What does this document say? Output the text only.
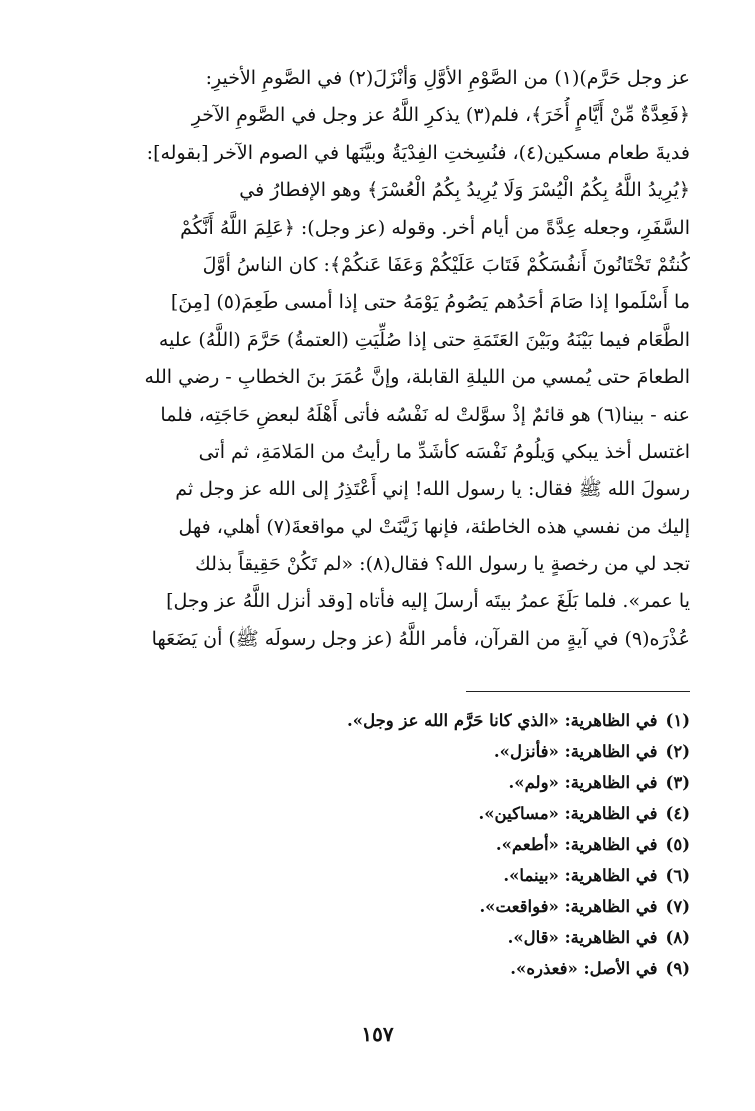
عز وجل حَرَّم)(١) من الصَّوْمِ الأوَّلِ وَأنْزَلَ(٢) في الصَّومِ الأخيرِ:
﴿فَعِدَّةٌ مِّنْ أَيَّامٍ أُخَرَ﴾، فلم(٣) يذكرِ اللَّهُ عز وجل في الصَّومِ الآخرِ
فديةَ طعام مسكين(٤)، فنُسِختِ الفِدْيَةُ وبيَّنَها في الصوم الآخر [بقوله]:
﴿يُرِيدُ اللَّهُ بِكُمُ الْيُسْرَ وَلَا يُرِيدُ بِكُمُ الْعُسْرَ﴾ وهو الإفطارُ في
السَّفَرِ، وجعله عِدَّةً من أيام أخر. وقوله (عز وجل): ﴿عَلِمَ اللَّهُ أَنَّكُمْ
كُنتُمْ تَخْتَانُونَ أَنفُسَكُمْ فَتَابَ عَلَيْكُمْ وَعَفَا عَنكُمْ﴾: كان الناسُ أوَّلَ
ما أَسْلَموا إذا صَامَ أحَدُهم يَصُومُ يَوْمَهُ حتى إذا أمسى طَعِمَ(٥) [مِنَ]
الطَّعَام فيما بَيْنَهُ وبَيْنَ العَتَمَةِ حتى إذا صُلِّيَتِ (العتمةُ) حَرَّمَ (اللَّهُ) عليه
الطعامَ حتى يُمسي من الليلةِ القابلة، وإنَّ عُمَرَ بنَ الخطابِ - رضي الله
عنه - بينا(٦) هو قائمٌ إذْ سوَّلتْ له نَفْسُه فأتى أَهْلَهُ لبعضِ حَاجَتِه، فلما
اغتسل أخذ يبكي وَيلُومُ نَفْسَه كأشَدِّ ما رأيتُ من المَلامَةِ، ثم أتى
رسولَ الله ﷺ فقال: يا رسول الله! إني أَعْتَذِرُ إلى الله عز وجل ثم
إليك من نفسي هذه الخاطئة، فإنها زَيَّنَتْ لي مواقعةَ(٧) أهلي، فهل
تجد لي من رخصةٍ يا رسول الله؟ فقال(٨): «لم تَكُنْ حَقِيقاً بذلك
يا عمر». فلما بَلَغَ عمرُ بيتَه أرسلَ إليه فأتاه [وقد أنزل اللَّهُ عز وجل]
عُذْرَه(٩) في آيةٍ من القرآن، فأمر اللَّهُ (عز وجل رسولَه ﷺ) أن يَضَعَها
(١)في الظاهرية: «الذي كانا حَرَّم الله عز وجل».
(٢)في الظاهرية: «فأنزل».
(٣)في الظاهرية: «ولم».
(٤)في الظاهرية: «مساكين».
(٥)في الظاهرية: «أطعم».
(٦)في الظاهرية: «بينما».
(٧)في الظاهرية: «فواقعت».
(٨)في الظاهرية: «قال».
(٩)في الأصل: «فعذره».
١٥٧
